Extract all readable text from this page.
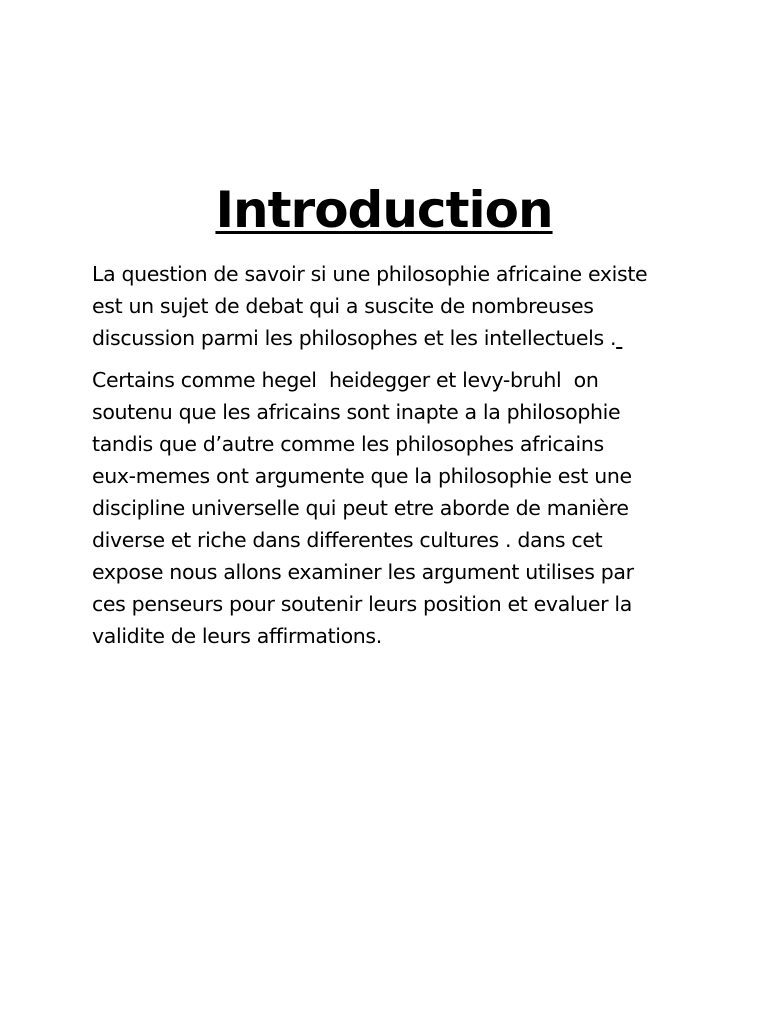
Introduction

La question de savoir si une philosophie africaine existe
est un sujet de debat qui a suscite de nombreuses
discussion parmi les philosophes et les intellectuels .

Certains comme hegel  heidegger et levy-bruhl  on
soutenu que les africains sont inapte a la philosophie
tandis que d’autre comme les philosophes africains
eux-memes ont argumente que la philosophie est une
discipline universelle qui peut etre aborde de manière
diverse et riche dans differentes cultures . dans cet
expose nous allons examiner les argument utilises par
ces penseurs pour soutenir leurs position et evaluer la
validite de leurs affirmations.
